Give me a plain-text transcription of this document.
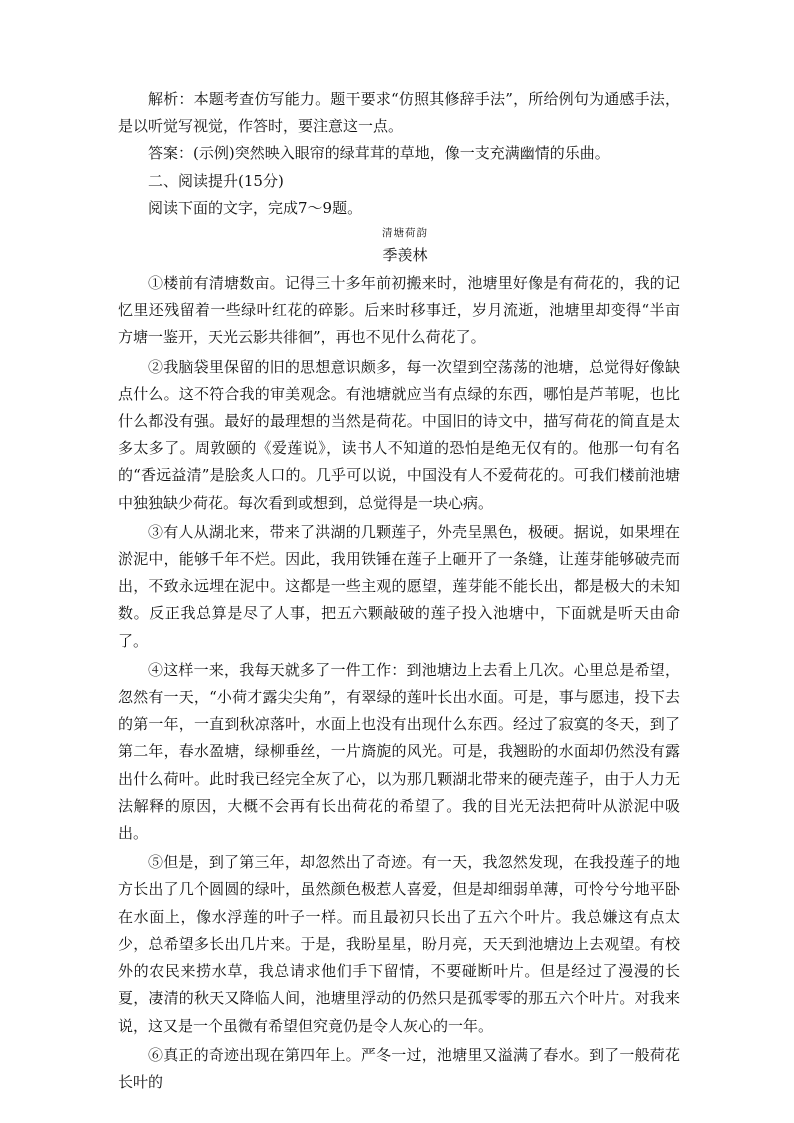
解析：本题考查仿写能力。题干要求“仿照其修辞手法”，所给例句为通感手法，是以听觉写视觉，作答时，要注意这一点。

答案：(示例)突然映入眼帘的绿茸茸的草地，像一支充满幽情的乐曲。

二、阅读提升(15分)

阅读下面的文字，完成7～9题。

清塘荷韵

季羡林

①楼前有清塘数亩。记得三十多年前初搬来时，池塘里好像是有荷花的，我的记忆里还残留着一些绿叶红花的碎影。后来时移事迁，岁月流逝，池塘里却变得“半亩方塘一鉴开，天光云影共徘徊”，再也不见什么荷花了。

②我脑袋里保留的旧的思想意识颇多，每一次望到空荡荡的池塘，总觉得好像缺点什么。这不符合我的审美观念。有池塘就应当有点绿的东西，哪怕是芦苇呢，也比什么都没有强。最好的最理想的当然是荷花。中国旧的诗文中，描写荷花的简直是太多太多了。周敦颐的《爱莲说》，读书人不知道的恐怕是绝无仅有的。他那一句有名的“香远益清”是脍炙人口的。几乎可以说，中国没有人不爱荷花的。可我们楼前池塘中独独缺少荷花。每次看到或想到，总觉得是一块心病。

③有人从湖北来，带来了洪湖的几颗莲子，外壳呈黑色，极硬。据说，如果埋在淤泥中，能够千年不烂。因此，我用铁锤在莲子上砸开了一条缝，让莲芽能够破壳而出，不致永远埋在泥中。这都是一些主观的愿望，莲芽能不能长出，都是极大的未知数。反正我总算是尽了人事，把五六颗敲破的莲子投入池塘中，下面就是听天由命了。

④这样一来，我每天就多了一件工作：到池塘边上去看上几次。心里总是希望，忽然有一天，“小荷才露尖尖角”，有翠绿的莲叶长出水面。可是，事与愿违，投下去的第一年，一直到秋凉落叶，水面上也没有出现什么东西。经过了寂寞的冬天，到了第二年，春水盈塘，绿柳垂丝，一片旖旎的风光。可是，我翘盼的水面却仍然没有露出什么荷叶。此时我已经完全灰了心，以为那几颗湖北带来的硬壳莲子，由于人力无法解释的原因，大概不会再有长出荷花的希望了。我的目光无法把荷叶从淤泥中吸出。

⑤但是，到了第三年，却忽然出了奇迹。有一天，我忽然发现，在我投莲子的地方长出了几个圆圆的绿叶，虽然颜色极惹人喜爱，但是却细弱单薄，可怜兮兮地平卧在水面上，像水浮莲的叶子一样。而且最初只长出了五六个叶片。我总嫌这有点太少，总希望多长出几片来。于是，我盼星星，盼月亮，天天到池塘边上去观望。有校外的农民来捞水草，我总请求他们手下留情，不要碰断叶片。但是经过了漫漫的长夏，凄清的秋天又降临人间，池塘里浮动的仍然只是孤零零的那五六个叶片。对我来说，这又是一个虽微有希望但究竟仍是令人灰心的一年。

⑥真正的奇迹出现在第四年上。严冬一过，池塘里又溢满了春水。到了一般荷花长叶的
